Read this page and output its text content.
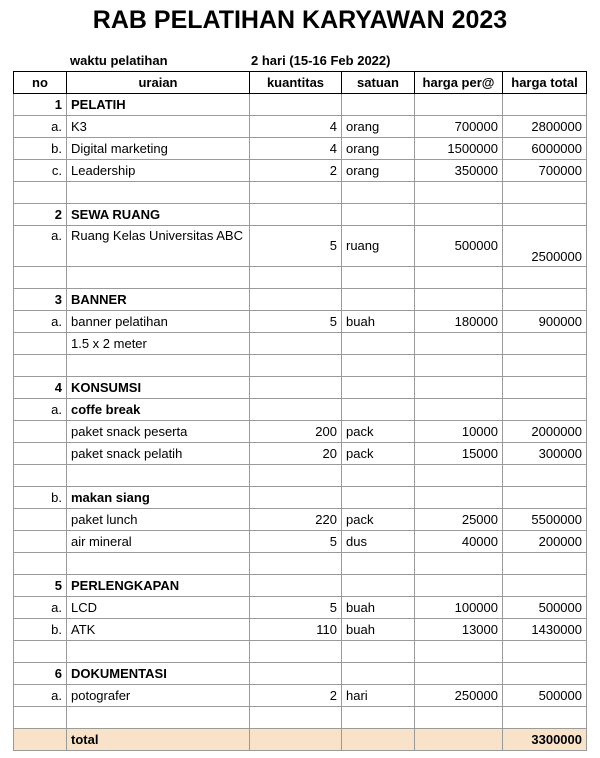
RAB PELATIHAN KARYAWAN 2023
waktu pelatihan	2 hari (15-16 Feb 2022)
no	uraian	kuantitas	satuan	harga per@	harga total
1	PELATIH				
a.	K3	4	orang	700000	2800000
b.	Digital marketing	4	orang	1500000	6000000
c.	Leadership	2	orang	350000	700000

2	SEWA RUANG				
a.	Ruang Kelas Universitas ABC	5	ruang	500000	2500000

3	BANNER				
a.	banner pelatihan	5	buah	180000	900000
	1.5 x 2 meter				

4	KONSUMSI				
a.	coffe break				
	paket snack peserta	200	pack	10000	2000000
	paket snack pelatih	20	pack	15000	300000

b.	makan siang				
	paket lunch	220	pack	25000	5500000
	air mineral	5	dus	40000	200000

5	PERLENGKAPAN				
a.	LCD	5	buah	100000	500000
b.	ATK	110	buah	13000	1430000

6	DOKUMENTASI				
a.	potografer	2	hari	250000	500000

	total				3300000
